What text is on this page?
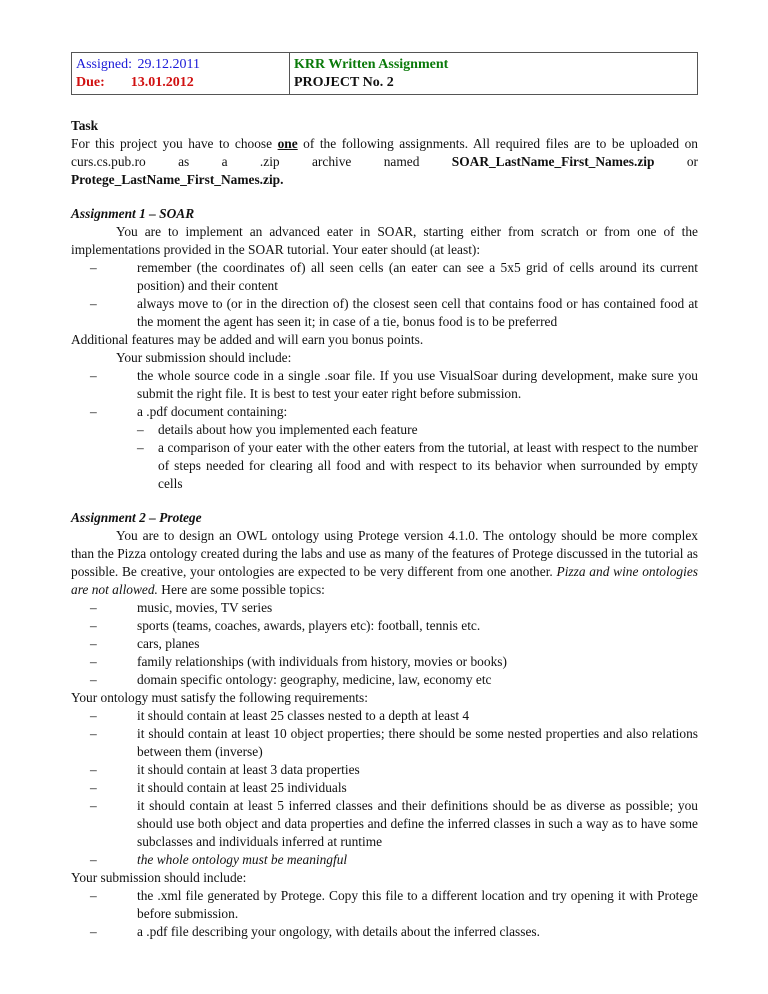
Assigned: 29.12.2011
Due: 13.01.2012

KRR Written Assignment
PROJECT No. 2
Task

For this project you have to choose one of the following assignments. All required files are to be uploaded on curs.cs.pub.ro as a .zip archive named SOAR_LastName_First_Names.zip or Protege_LastName_First_Names.zip.

Assignment 1 – SOAR

You are to implement an advanced eater in SOAR, starting either from scratch or from one of the implementations provided in the SOAR tutorial. Your eater should (at least):

– remember (the coordinates of) all seen cells (an eater can see a 5x5 grid of cells around its current position) and their content
– always move to (or in the direction of) the closest seen cell that contains food or has contained food at the moment the agent has seen it; in case of a tie, bonus food is to be preferred

Additional features may be added and will earn you bonus points.

Your submission should include:

– the whole source code in a single .soar file. If you use VisualSoar during development, make sure you submit the right file. It is best to test your eater right before submission.
– a .pdf document containing:
– details about how you implemented each feature
– a comparison of your eater with the other eaters from the tutorial, at least with respect to the number of steps needed for clearing all food and with respect to its behavior when surrounded by empty cells
Assignment 2 – Protege

You are to design an OWL ontology using Protege version 4.1.0. The ontology should be more complex than the Pizza ontology created during the labs and use as many of the features of Protege discussed in the tutorial as possible. Be creative, your ontologies are expected to be very different from one another. Pizza and wine ontologies are not allowed. Here are some possible topics:

– music, movies, TV series
– sports (teams, coaches, awards, players etc): football, tennis etc.
– cars, planes
– family relationships (with individuals from history, movies or books)
– domain specific ontology: geography, medicine, law, economy etc

Your ontology must satisfy the following requirements:

– it should contain at least 25 classes nested to a depth at least 4
– it should contain at least 10 object properties; there should be some nested properties and also relations between them (inverse)
– it should contain at least 3 data properties
– it should contain at least 25 individuals
– it should contain at least 5 inferred classes and their definitions should be as diverse as possible; you should use both object and data properties and define the inferred classes in such a way as to have some subclasses and individuals inferred at runtime
– the whole ontology must be meaningful

Your submission should include:

– the .xml file generated by Protege. Copy this file to a different location and try opening it with Protege before submission.
– a .pdf file describing your ongology, with details about the inferred classes.
